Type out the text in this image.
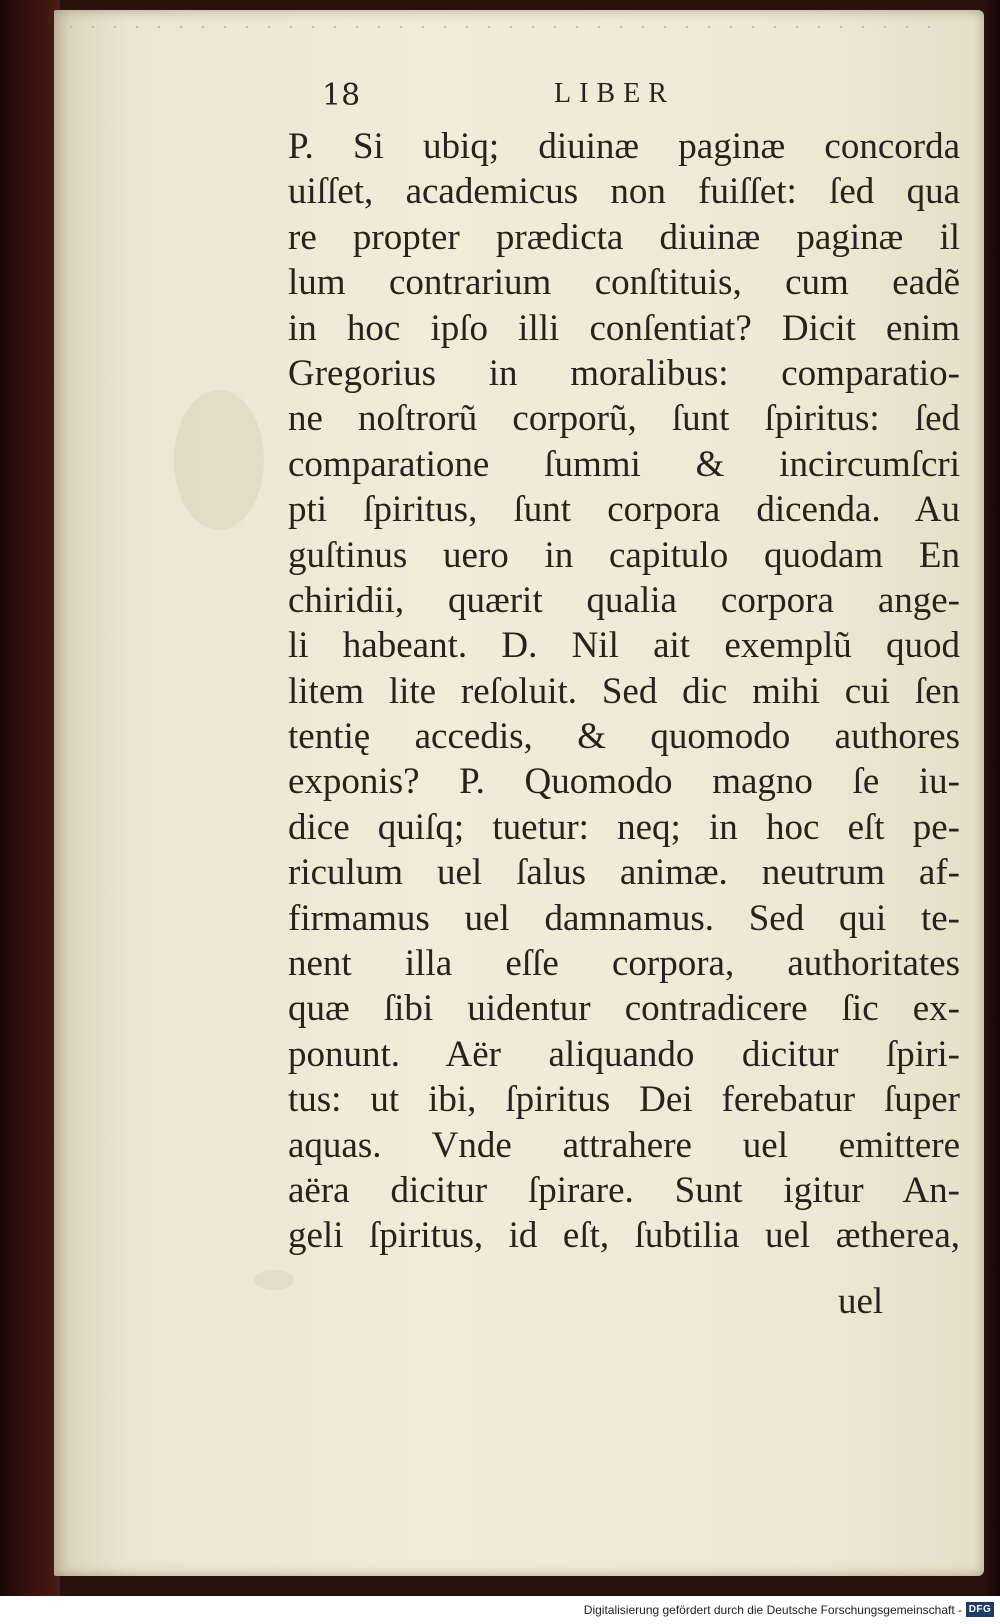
18	LIBER
P. Si ubiq; diuinæ paginæ concorda
uiſſet, academicus non fuiſſet: ſed qua
re propter prædicta diuinæ paginæ il
lum contrarium conſtituis, cum eadẽ
in hoc ipſo illi conſentiat? Dicit enim
Gregorius in moralibus: comparatio-
ne noſtrorũ corporũ, ſunt ſpiritus: ſed
comparatione ſummi & incircumſcri
pti ſpiritus, ſunt corpora dicenda. Au
guſtinus uero in capitulo quodam En
chiridii, quærit qualia corpora ange-
li habeant. D. Nil ait exemplũ quod
litem lite reſoluit. Sed dic mihi cui ſen
tentię accedis, & quomodo authores
exponis? P. Quomodo magno ſe iu-
dice quiſq; tuetur: neq; in hoc eſt pe-
riculum uel ſalus animæ. neutrum af-
firmamus uel damnamus. Sed qui te-
nent illa eſſe corpora, authoritates
quæ ſibi uidentur contradicere ſic ex-
ponunt. Aër aliquando dicitur ſpiri-
tus: ut ibi, ſpiritus Dei ferebatur ſuper
aquas. Vnde attrahere uel emittere
aëra dicitur ſpirare. Sunt igitur An-
geli ſpiritus, id eſt, ſubtilia uel ætherea,
uel
Digitalisierung gefördert durch die Deutsche Forschungsgemeinschaft - DFG
